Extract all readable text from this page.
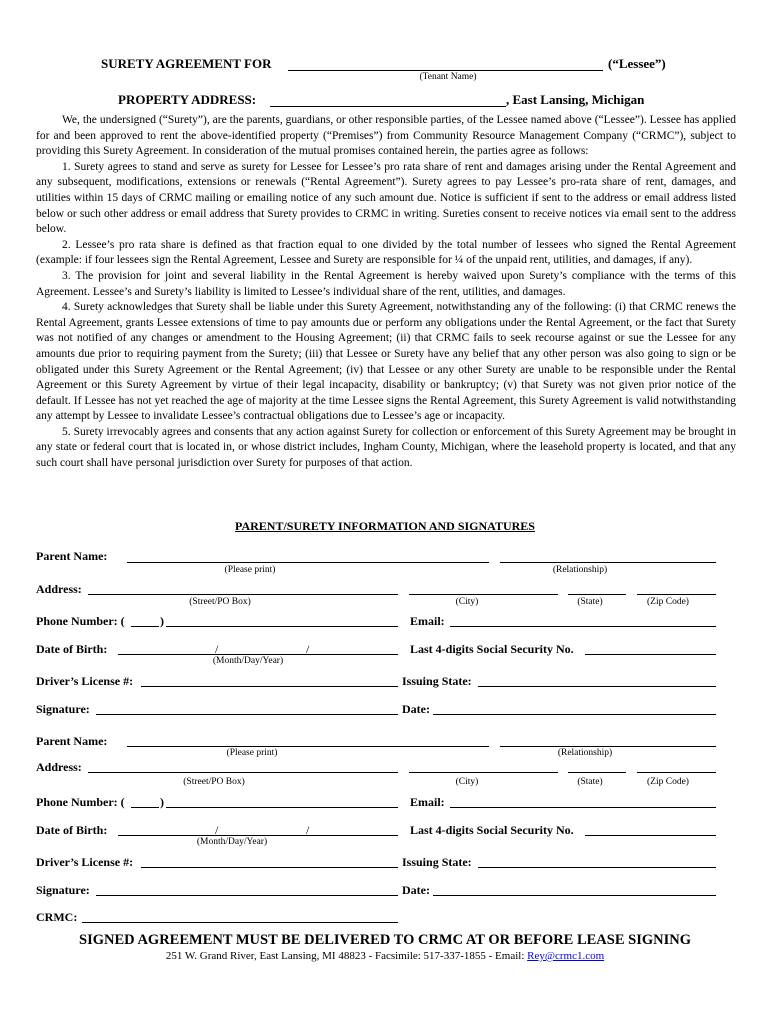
SURETY AGREEMENT FOR	(“Lessee”)
(Tenant Name)
PROPERTY ADDRESS:	, East Lansing, Michigan

We, the undersigned (“Surety”), are the parents, guardians, or other responsible parties, of the Lessee named above (“Lessee”). Lessee has applied for and been approved to rent the above-identified property (“Premises”) from Community Resource Management Company (“CRMC”), subject to providing this Surety Agreement. In consideration of the mutual promises contained herein, the parties agree as follows:

1. Surety agrees to stand and serve as surety for Lessee for Lessee’s pro rata share of rent and damages arising under the Rental Agreement and any subsequent, modifications, extensions or renewals (“Rental Agreement”). Surety agrees to pay Lessee’s pro-rata share of rent, damages, and utilities within 15 days of CRMC mailing or emailing notice of any such amount due. Notice is sufficient if sent to the address or email address listed below or such other address or email address that Surety provides to CRMC in writing. Sureties consent to receive notices via email sent to the address below.

2. Lessee’s pro rata share is defined as that fraction equal to one divided by the total number of lessees who signed the Rental Agreement (example: if four lessees sign the Rental Agreement, Lessee and Surety are responsible for ¼ of the unpaid rent, utilities, and damages, if any).

3. The provision for joint and several liability in the Rental Agreement is hereby waived upon Surety’s compliance with the terms of this Agreement. Lessee’s and Surety’s liability is limited to Lessee’s individual share of the rent, utilities, and damages.

4. Surety acknowledges that Surety shall be liable under this Surety Agreement, notwithstanding any of the following: (i) that CRMC renews the Rental Agreement, grants Lessee extensions of time to pay amounts due or perform any obligations under the Rental Agreement, or the fact that Surety was not notified of any changes or amendment to the Housing Agreement; (ii) that CRMC fails to seek recourse against or sue the Lessee for any amounts due prior to requiring payment from the Surety; (iii) that Lessee or Surety have any belief that any other person was also going to sign or be obligated under this Surety Agreement or the Rental Agreement; (iv) that Lessee or any other Surety are unable to be responsible under the Rental Agreement or this Surety Agreement by virtue of their legal incapacity, disability or bankruptcy; (v) that Surety was not given prior notice of the default. If Lessee has not yet reached the age of majority at the time Lessee signs the Rental Agreement, this Surety Agreement is valid notwithstanding any attempt by Lessee to invalidate Lessee’s contractual obligations due to Lessee’s age or incapacity.

5. Surety irrevocably agrees and consents that any action against Surety for collection or enforcement of this Surety Agreement may be brought in any state or federal court that is located in, or whose district includes, Ingham County, Michigan, where the leasehold property is located, and that any such court shall have personal jurisdiction over Surety for purposes of that action.

PARENT/SURETY INFORMATION AND SIGNATURES
Parent Name:
(Please print)	(Relationship)
Address:
(Street/PO Box)	(City)	(State)	(Zip Code)
Phone Number: (	)	Email:
Date of Birth:	/	/
(Month/Day/Year)
Last 4-digits Social Security No.
Driver’s License #:	Issuing State:
Signature:	Date:
Parent Name:
(Please print)	(Relationship)
Address:
(Street/PO Box)	(City)	(State)	(Zip Code)
Phone Number: (	)	Email:
Date of Birth:	/	/
(Month/Day/Year)
Last 4-digits Social Security No.
Driver’s License #:	Issuing State:
Signature:	Date:
CRMC:
SIGNED AGREEMENT MUST BE DELIVERED TO CRMC AT OR BEFORE LEASE SIGNING
251 W. Grand River, East Lansing, MI 48823 - Facsimile: 517-337-1855 - Email: Rey@crmc1.com
